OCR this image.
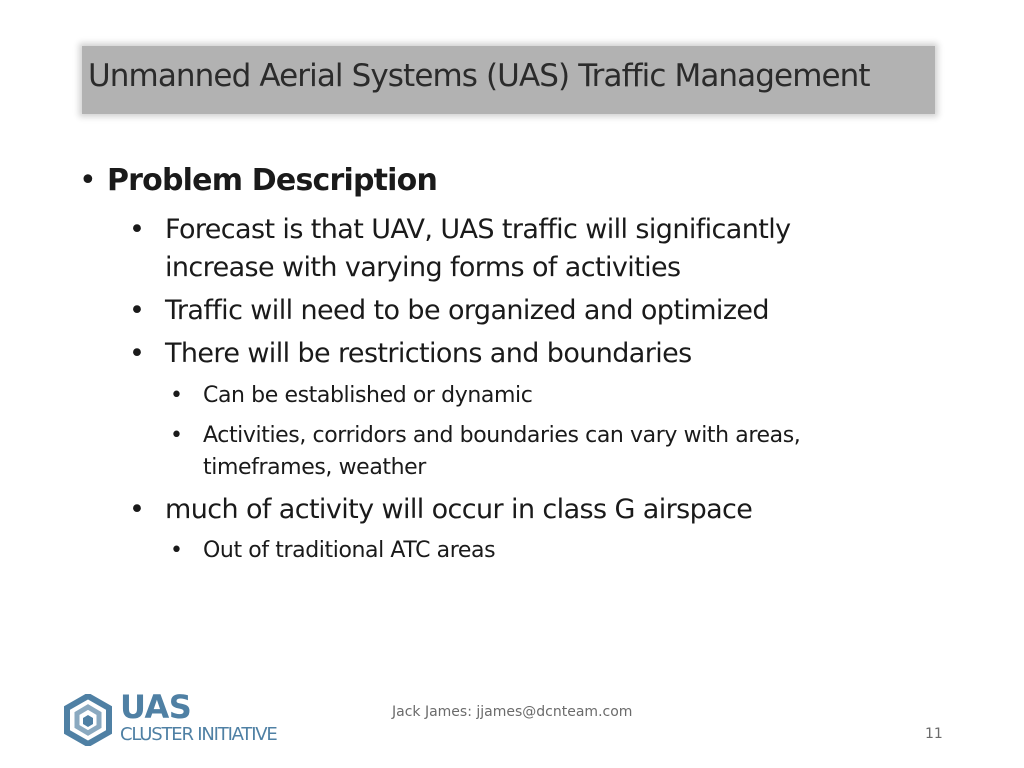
Unmanned Aerial Systems (UAS) Traffic Management
• Problem Description
• Forecast is that UAV, UAS traffic will significantly
increase with varying forms of activities
• Traffic will need to be organized and optimized
• There will be restrictions and boundaries
• Can be established or dynamic
• Activities, corridors and boundaries can vary with areas,
timeframes, weather
• much of activity will occur in class G airspace
• Out of traditional ATC areas
UAS
CLUSTER INITIATIVE
Jack James: jjames@dcnteam.com
11
